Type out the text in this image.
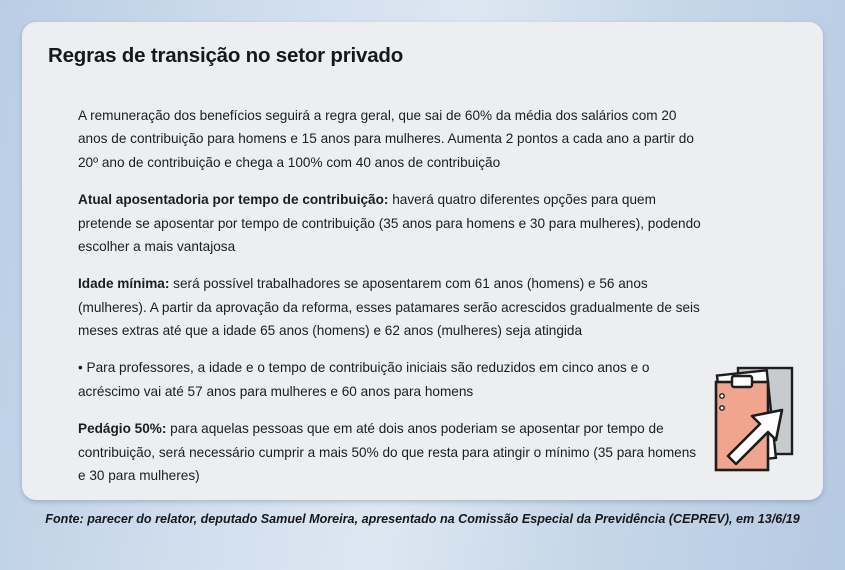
Regras de transição no setor privado

A remuneração dos benefícios seguirá a regra geral, que sai de 60% da média dos salários com 20 anos de contribuição para homens e 15 anos para mulheres. Aumenta 2 pontos a cada ano a partir do 20º ano de contribuição e chega a 100% com 40 anos de contribuição

Atual aposentadoria por tempo de contribuição: haverá quatro diferentes opções para quem pretende se aposentar por tempo de contribuição (35 anos para homens e 30 para mulheres), podendo escolher a mais vantajosa

Idade mínima: será possível trabalhadores se aposentarem com 61 anos (homens) e 56 anos (mulheres). A partir da aprovação da reforma, esses patamares serão acrescidos gradualmente de seis meses extras até que a idade 65 anos (homens) e 62 anos (mulheres) seja atingida

• Para professores, a idade e o tempo de contribuição iniciais são reduzidos em cinco anos e o acréscimo vai até 57 anos para mulheres e 60 anos para homens

Pedágio 50%: para aquelas pessoas que em até dois anos poderiam se aposentar por tempo de contribuição, será necessário cumprir a mais 50% do que resta para atingir o mínimo (35 para homens e 30 para mulheres)

Fonte: parecer do relator, deputado Samuel Moreira, apresentado na Comissão Especial da Previdência (CEPREV), em 13/6/19
